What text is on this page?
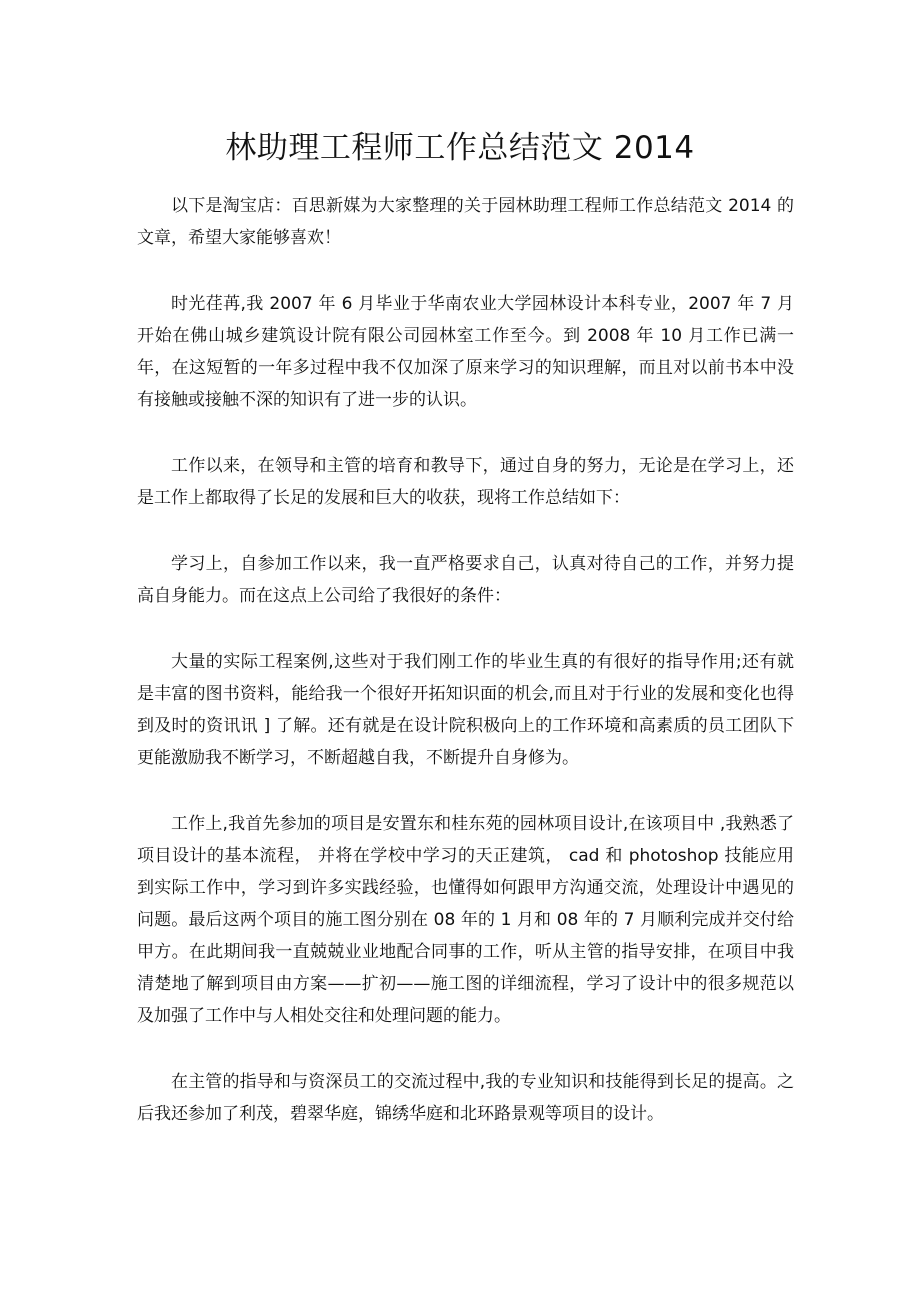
林助理工程师工作总结范文 2014

以下是淘宝店：百思新媒为大家整理的关于园林助理工程师工作总结范文 2014 的文章，希望大家能够喜欢！

时光荏苒,我 2007 年 6 月毕业于华南农业大学园林设计本科专业，2007 年 7 月开始在佛山城乡建筑设计院有限公司园林室工作至今。到 2008 年 10 月工作已满一年，在这短暂的一年多过程中我不仅加深了原来学习的知识理解，而且对以前书本中没有接触或接触不深的知识有了进一步的认识。

工作以来，在领导和主管的培育和教导下，通过自身的努力，无论是在学习上，还是工作上都取得了长足的发展和巨大的收获，现将工作总结如下：

学习上，自参加工作以来，我一直严格要求自己，认真对待自己的工作，并努力提高自身能力。而在这点上公司给了我很好的条件：

大量的实际工程案例,这些对于我们刚工作的毕业生真的有很好的指导作用;还有就是丰富的图书资料，能给我一个很好开拓知识面的机会,而且对于行业的发展和变化也得到及时的资讯讯 ] 了解。还有就是在设计院积极向上的工作环境和高素质的员工团队下更能激励我不断学习，不断超越自我，不断提升自身修为。

工作上,我首先参加的项目是安置东和桂东苑的园林项目设计,在该项目中 ,我熟悉了项目设计的基本流程， 并将在学校中学习的天正建筑， cad 和 photoshop 技能应用到实际工作中，学习到许多实践经验，也懂得如何跟甲方沟通交流，处理设计中遇见的问题。最后这两个项目的施工图分别在 08 年的 1 月和 08 年的 7 月顺利完成并交付给甲方。在此期间我一直兢兢业业地配合同事的工作，听从主管的指导安排，在项目中我清楚地了解到项目由方案——扩初——施工图的详细流程，学习了设计中的很多规范以及加强了工作中与人相处交往和处理问题的能力。

在主管的指导和与资深员工的交流过程中,我的专业知识和技能得到长足的提高。之后我还参加了利茂，碧翠华庭，锦绣华庭和北环路景观等项目的设计。
